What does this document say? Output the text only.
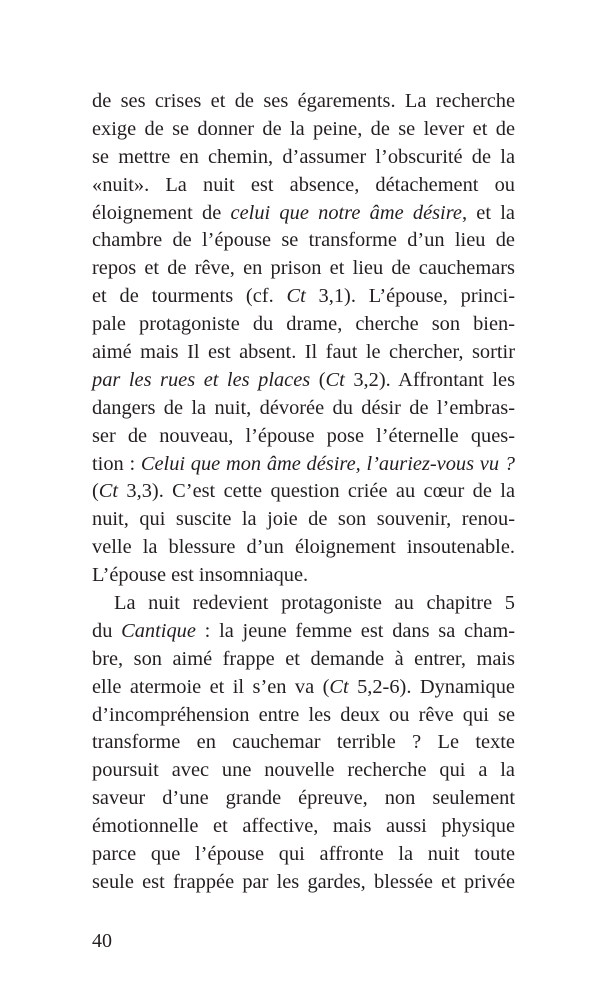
de ses crises et de ses égarements. La recherche
exige de se donner de la peine, de se lever et de
se mettre en chemin, d’assumer l’obscurité de la
«nuit». La nuit est absence, détachement ou
éloignement de celui que notre âme désire, et la
chambre de l’épouse se transforme d’un lieu de
repos et de rêve, en prison et lieu de cauchemars
et de tourments (cf. Ct 3,1). L’épouse, princi-
pale protagoniste du drame, cherche son bien-
aimé mais Il est absent. Il faut le chercher, sortir
par les rues et les places (Ct 3,2). Affrontant les
dangers de la nuit, dévorée du désir de l’embras-
ser de nouveau, l’épouse pose l’éternelle ques-
tion : Celui que mon âme désire, l’auriez-vous vu ?
(Ct 3,3). C’est cette question criée au cœur de la
nuit, qui suscite la joie de son souvenir, renou-
velle la blessure d’un éloignement insoutenable.
L’épouse est insomniaque.
La nuit redevient protagoniste au chapitre 5
du Cantique : la jeune femme est dans sa cham-
bre, son aimé frappe et demande à entrer, mais
elle atermoie et il s’en va (Ct 5,2-6). Dynamique
d’incompréhension entre les deux ou rêve qui se
transforme en cauchemar terrible ? Le texte
poursuit avec une nouvelle recherche qui a la
saveur d’une grande épreuve, non seulement
émotionnelle et affective, mais aussi physique
parce que l’épouse qui affronte la nuit toute
seule est frappée par les gardes, blessée et privée
40
